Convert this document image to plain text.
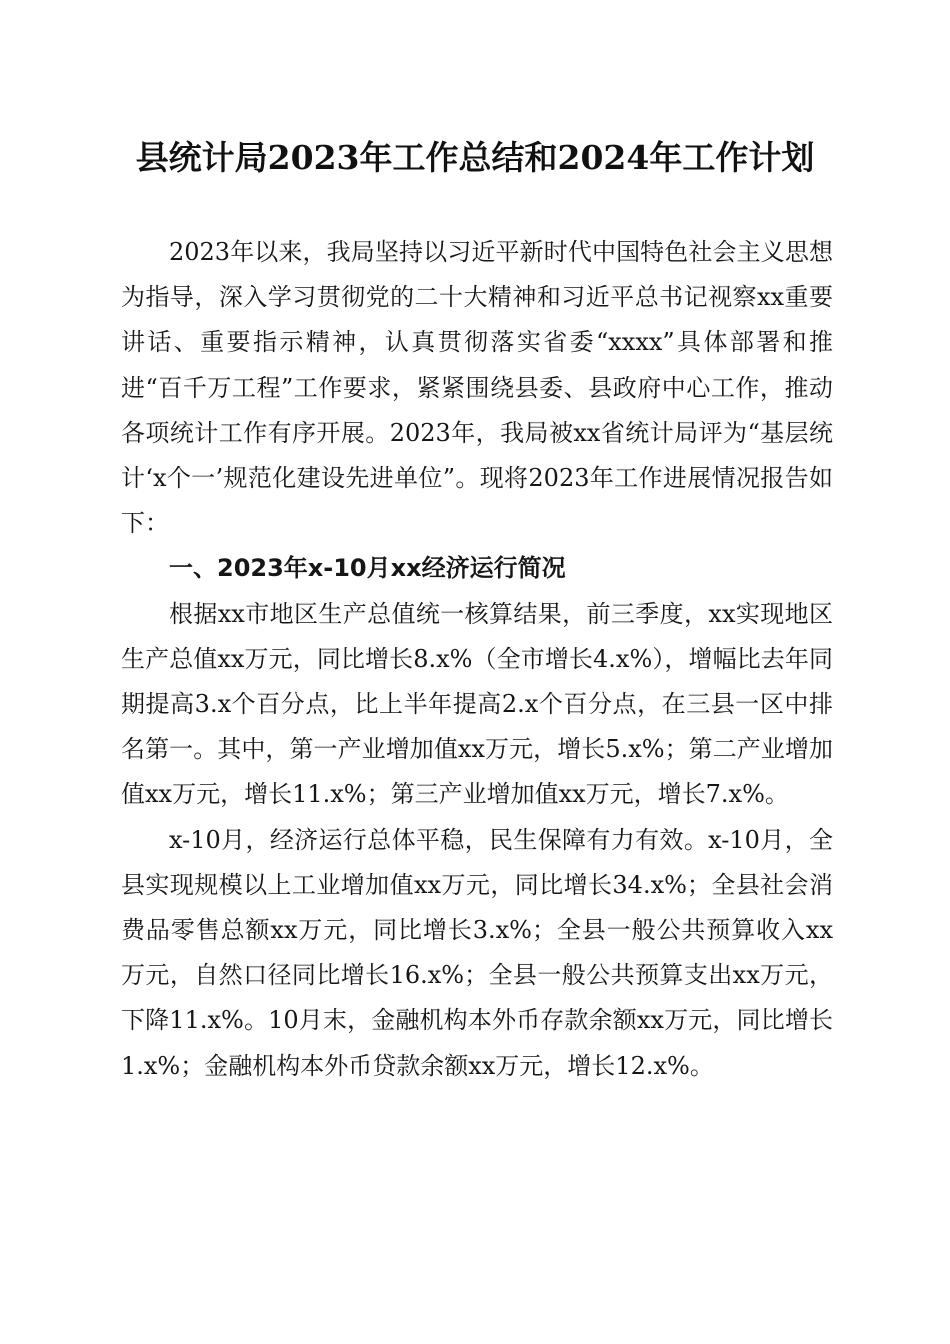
县统计局2023年工作总结和2024年工作计划

2023年以来，我局坚持以习近平新时代中国特色社会主义思想为指导，深入学习贯彻党的二十大精神和习近平总书记视察xx重要讲话、重要指示精神，认真贯彻落实省委“xxxx”具体部署和推进“百千万工程”工作要求，紧紧围绕县委、县政府中心工作，推动各项统计工作有序开展。2023年，我局被xx省统计局评为“基层统计‘x个一’规范化建设先进单位”。现将2023年工作进展情况报告如下：

一、2023年x-10月xx经济运行简况

根据xx市地区生产总值统一核算结果，前三季度，xx实现地区生产总值xx万元，同比增长8.x%（全市增长4.x%），增幅比去年同期提高3.x个百分点，比上半年提高2.x个百分点，在三县一区中排名第一。其中，第一产业增加值xx万元，增长5.x%；第二产业增加值xx万元，增长11.x%；第三产业增加值xx万元，增长7.x%。

x-10月，经济运行总体平稳，民生保障有力有效。x-10月，全县实现规模以上工业增加值xx万元，同比增长34.x%；全县社会消费品零售总额xx万元，同比增长3.x%；全县一般公共预算收入xx万元，自然口径同比增长16.x%；全县一般公共预算支出xx万元，下降11.x%。10月末，金融机构本外币存款余额xx万元，同比增长1.x%；金融机构本外币贷款余额xx万元，增长12.x%。
